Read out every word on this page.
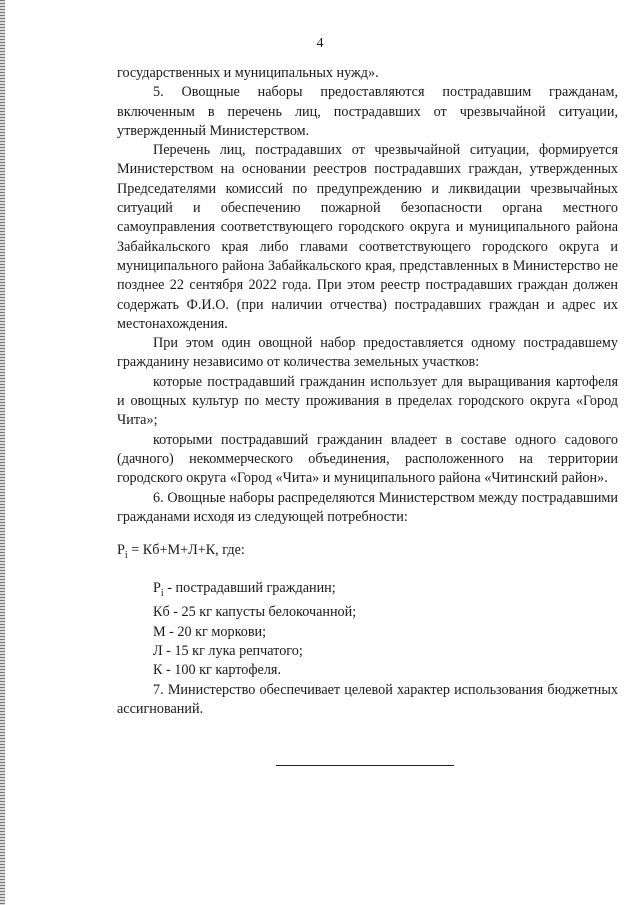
4

государственных и муниципальных нужд».

5. Овощные наборы предоставляются пострадавшим гражданам, включенным в перечень лиц, пострадавших от чрезвычайной ситуации, утвержденный Министерством.

Перечень лиц, пострадавших от чрезвычайной ситуации, формируется Министерством на основании реестров пострадавших граждан, утвержденных Председателями комиссий по предупреждению и ликвидации чрезвычайных ситуаций и обеспечению пожарной безопасности органа местного самоуправления соответствующего городского округа и муниципального района Забайкальского края либо главами соответствующего городского округа и муниципального района Забайкальского края, представленных в Министерство не позднее 22 сентября 2022 года. При этом реестр пострадавших граждан должен содержать Ф.И.О. (при наличии отчества) пострадавших граждан и адрес их местонахождения.

При этом один овощной набор предоставляется одному пострадавшему гражданину независимо от количества земельных участков:

которые пострадавший гражданин использует для выращивания картофеля и овощных культур по месту проживания в пределах городского округа «Город Чита»;

которыми пострадавший гражданин владеет в составе одного садового (дачного) некоммерческого объединения, расположенного на территории городского округа «Город «Чита» и муниципального района «Читинский район».

6. Овощные наборы распределяются Министерством между пострадавшими гражданами исходя из следующей потребности:

$P_i = Кб+М+Л+К$, где:

$P_i$ - пострадавший гражданин;

Кб - 25 кг капусты белокочанной;

М - 20 кг моркови;

Л - 15 кг лука репчатого;

К - 100 кг картофеля.

7. Министерство обеспечивает целевой характер использования бюджетных ассигнований.
